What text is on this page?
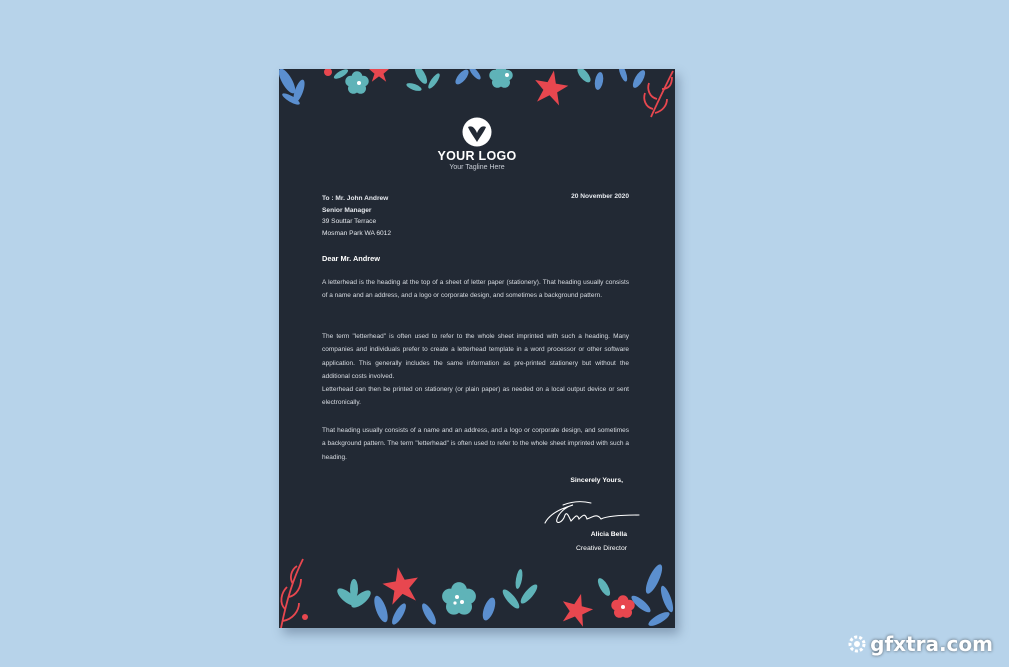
YOUR LOGO
Your Tagline Here
To : Mr. John Andrew
Senior Manager
39 Souttar Terrace
Mosman Park WA 6012
20 November 2020
Dear Mr. Andrew

A letterhead is the heading at the top of a sheet of letter paper (stationery). That heading usually consists of a name and an address, and a logo or corporate design, and sometimes a background pattern.

The term "letterhead" is often used to refer to the whole sheet imprinted with such a heading. Many companies and individuals prefer to create a letterhead template in a word processor or other software application. This generally includes the same information as pre-printed stationery but without the additional costs involved.
Letterhead can then be printed on stationery (or plain paper) as needed on a local output device or sent electronically.

That heading usually consists of a name and an address, and a logo or corporate design, and sometimes a background pattern. The term "letterhead" is often used to refer to the whole sheet imprinted with such a heading.

Sincerely Yours,
Alicia Bella
Creative Director
gfxtra.com
